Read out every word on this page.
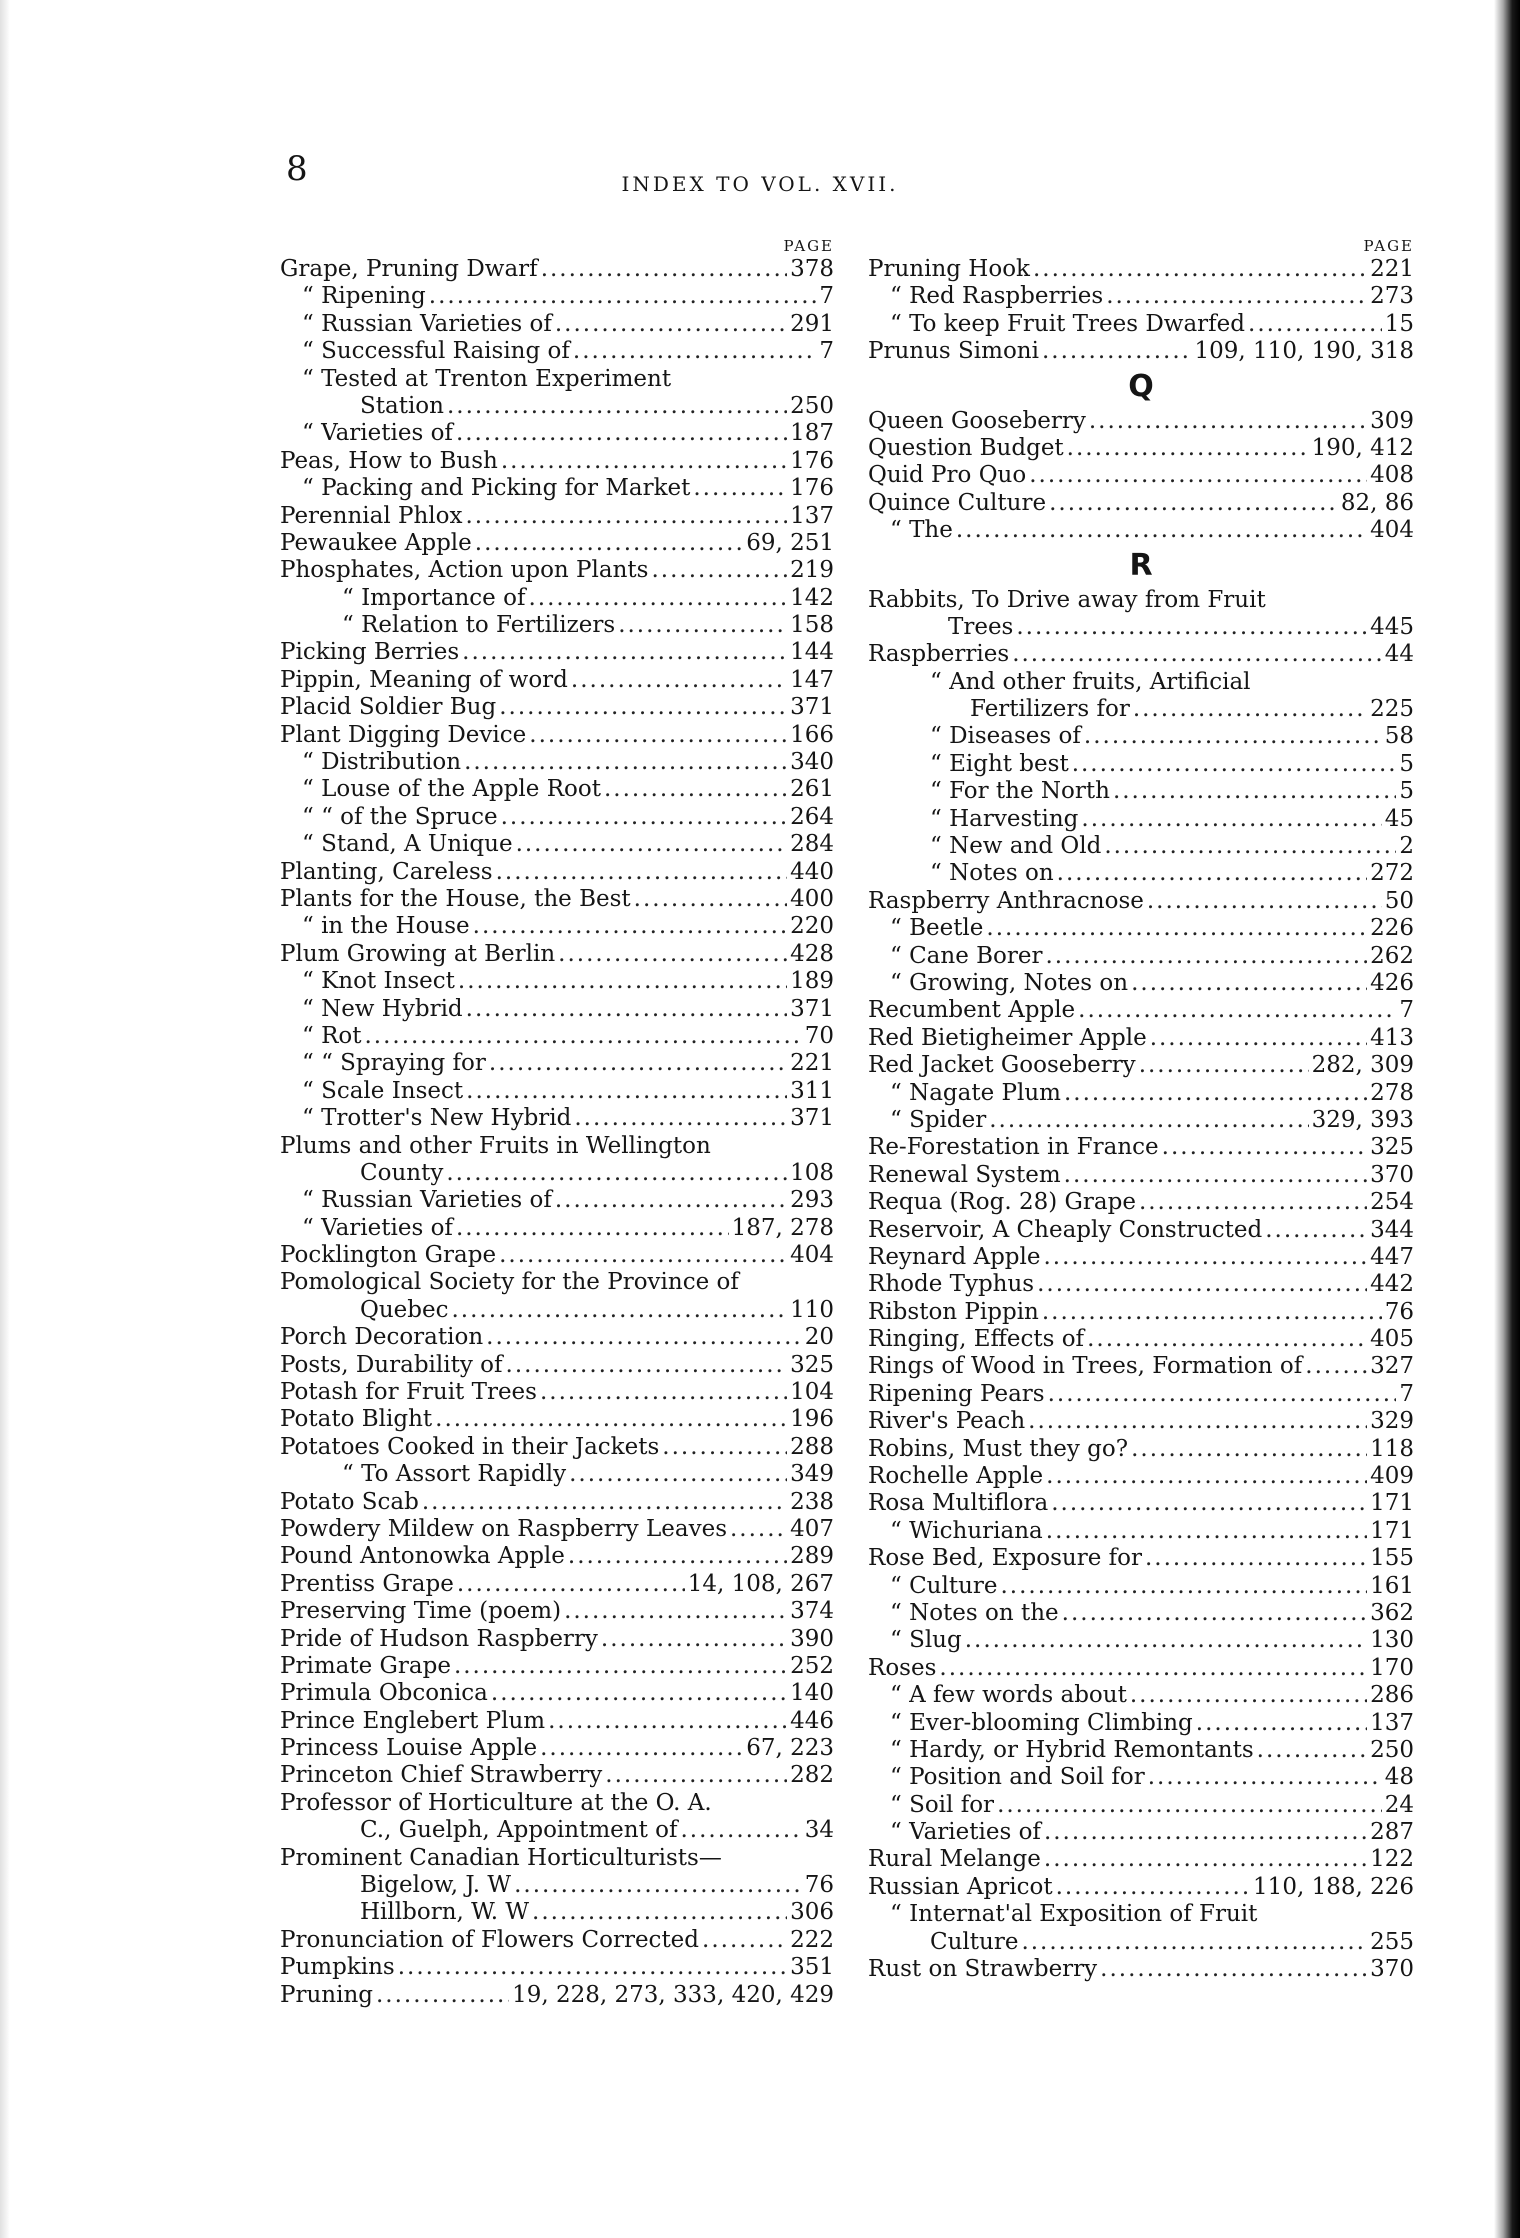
8	INDEX TO VOL. XVII.
PAGE
Grape, Pruning Dwarf .....	378
“ Ripening .....	7
“ Russian Varieties of .....	291
“ Successful Raising of .....	7
“ Tested at Trenton Experiment
Station .....	250
“ Varieties of .....	187
Peas, How to Bush .....	176
“ Packing and Picking for Market .....	176
Perennial Phlox .....	137
Pewaukee Apple .....	69, 251
Phosphates, Action upon Plants .....	219
“ Importance of .....	142
“ Relation to Fertilizers .....	158
Picking Berries .....	144
Pippin, Meaning of word .....	147
Placid Soldier Bug .....	371
Plant Digging Device .....	166
“ Distribution .....	340
“ Louse of the Apple Root .....	261
“ “ of the Spruce .....	264
“ Stand, A Unique .....	284
Planting, Careless .....	440
Plants for the House, the Best .....	400
“ in the House .....	220
Plum Growing at Berlin .....	428
“ Knot Insect .....	189
“ New Hybrid .....	371
“ Rot .....	70
“ “ Spraying for .....	221
“ Scale Insect .....	311
“ Trotter's New Hybrid .....	371
Plums and other Fruits in Wellington
County .....	108
“ Russian Varieties of .....	293
“ Varieties of .....	187, 278
Pocklington Grape .....	404
Pomological Society for the Province of
Quebec .....	110
Porch Decoration .....	20
Posts, Durability of .....	325
Potash for Fruit Trees .....	104
Potato Blight .....	196
Potatoes Cooked in their Jackets .....	288
“ To Assort Rapidly .....	349
Potato Scab .....	238
Powdery Mildew on Raspberry Leaves .....	407
Pound Antonowka Apple .....	289
Prentiss Grape .....	14, 108, 267
Preserving Time (poem) .....	374
Pride of Hudson Raspberry .....	390
Primate Grape .....	252
Primula Obconica .....	140
Prince Englebert Plum .....	446
Princess Louise Apple .....	67, 223
Princeton Chief Strawberry .....	282
Professor of Horticulture at the O. A.
C., Guelph, Appointment of .....	34
Prominent Canadian Horticulturists—
Bigelow, J. W .....	76
Hillborn, W. W .....	306
Pronunciation of Flowers Corrected .....	222
Pumpkins .....	351
Pruning .....	19, 228, 273, 333, 420, 429
PAGE
Pruning Hook .....	221
“ Red Raspberries .....	273
“ To keep Fruit Trees Dwarfed .....	15
Prunus Simoni .....	109, 110, 190, 318
Q
Queen Gooseberry .....	309
Question Budget .....	190, 412
Quid Pro Quo .....	408
Quince Culture .....	82, 86
“ The .....	404
R
Rabbits, To Drive away from Fruit
Trees .....	445
Raspberries .....	44
“ And other fruits, Artificial
Fertilizers for .....	225
“ Diseases of .....	58
“ Eight best .....	5
“ For the North .....	5
“ Harvesting .....	45
“ New and Old .....	2
“ Notes on .....	272
Raspberry Anthracnose .....	50
“ Beetle .....	226
“ Cane Borer .....	262
“ Growing, Notes on .....	426
Recumbent Apple .....	7
Red Bietigheimer Apple .....	413
Red Jacket Gooseberry .....	282, 309
“ Nagate Plum .....	278
“ Spider .....	329, 393
Re-Forestation in France .....	325
Renewal System .....	370
Requa (Rog. 28) Grape .....	254
Reservoir, A Cheaply Constructed .....	344
Reynard Apple .....	447
Rhode Typhus .....	442
Ribston Pippin .....	76
Ringing, Effects of .....	405
Rings of Wood in Trees, Formation of .....	327
Ripening Pears .....	7
River's Peach .....	329
Robins, Must they go? .....	118
Rochelle Apple .....	409
Rosa Multiflora .....	171
“ Wichuriana .....	171
Rose Bed, Exposure for .....	155
“ Culture .....	161
“ Notes on the .....	362
“ Slug .....	130
Roses .....	170
“ A few words about .....	286
“ Ever-blooming Climbing .....	137
“ Hardy, or Hybrid Remontants .....	250
“ Position and Soil for .....	48
“ Soil for .....	24
“ Varieties of .....	287
Rural Melange .....	122
Russian Apricot .....	110, 188, 226
“ Internat'al Exposition of Fruit
Culture .....	255
Rust on Strawberry .....	370
